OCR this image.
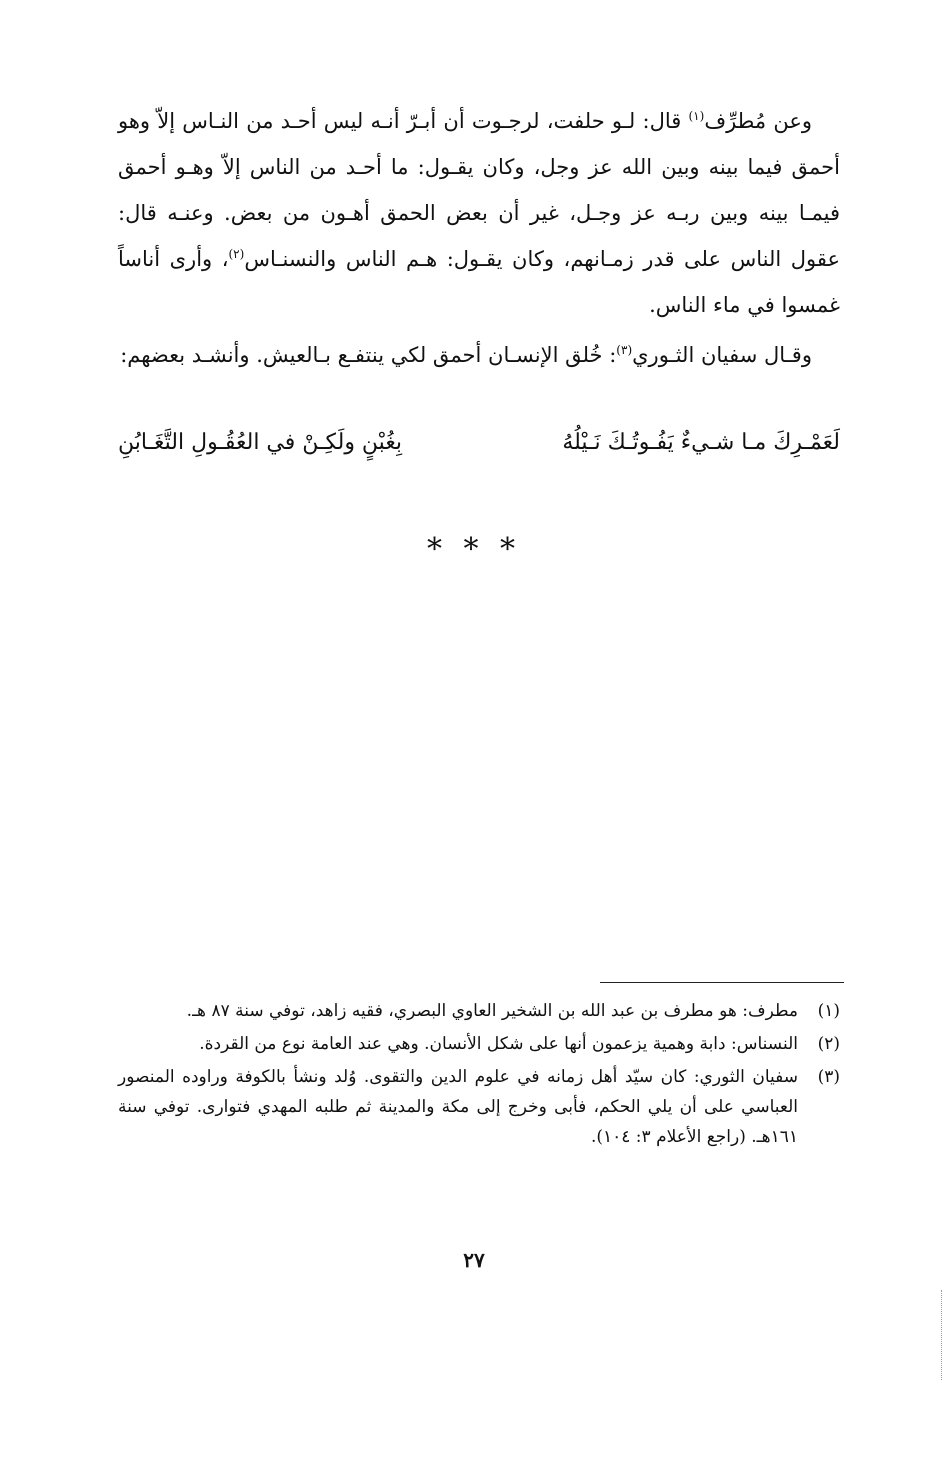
وعن مُطرِّف$^{(١)}$ قال: لـو حلفت، لرجـوت أن أبـرّ أنـه ليس أحـد من النـاس إلاّ وهو أحمق فيما بينه وبين الله عز وجل، وكان يقـول: ما أحـد من الناس إلاّ وهـو أحمق فيمـا بينه وبين ربـه عز وجـل، غير أن بعض الحمق أهـون من بعض. وعنـه قال: عقول الناس على قدر زمـانهم، وكان يقـول: هـم الناس والنسنـاس$^{(٢)}$، وأرى أناساً غمسوا في ماء الناس.

وقـال سفيان الثـوري$^{(٣)}$: خُلق الإنسـان أحمق لكي ينتفـع بـالعيش. وأنشـد بعضهم:

لَعَمْـرِكَ مـا شـيءٌ يَفُـوتُـكَ نَـيْلُهُ
بِغُبْنٍ ولَكِـنْ في العُقُـولِ التَّغَـابُنِ
* * *
(١)
مطرف: هو مطرف بن عبد الله بن الشخير العاوي البصري، فقيه زاهد، توفي سنة ٨٧ هـ.
(٢)
النسناس: دابة وهمية يزعمون أنها على شكل الأنسان. وهي عند العامة نوع من القردة.
(٣)
سفيان الثوري: كان سيّد أهل زمانه في علوم الدين والتقوى. وُلد ونشأ بالكوفة وراوده المنصور العباسي على أن يلي الحكم، فأبى وخرج إلى مكة والمدينة ثم طلبه المهدي فتوارى. توفي سنة ١٦١هـ. (راجع الأعلام ٣: ١٠٤).
٢٧
